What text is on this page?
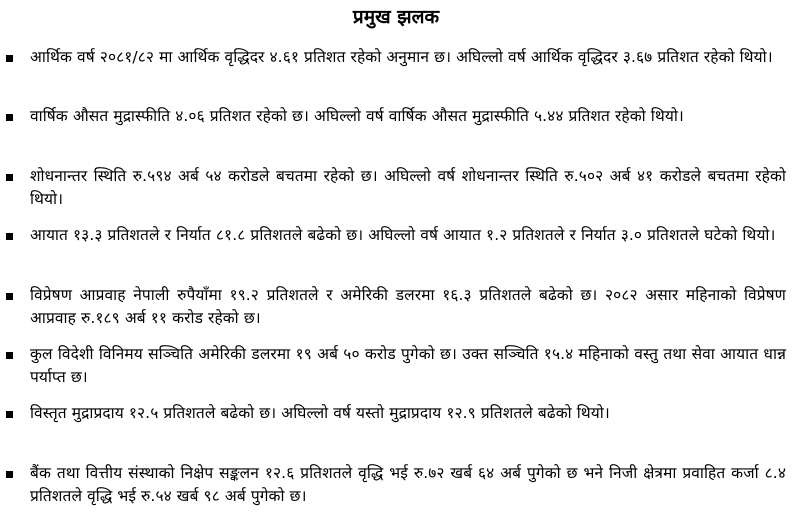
प्रमुख झलक
आर्थिक वर्ष २०८१/८२ मा आर्थिक वृद्धिदर ४.६१ प्रतिशत रहेको अनुमान छ। अघिल्लो वर्ष आर्थिक वृद्धिदर ३.६७ प्रतिशत रहेको थियो।
वार्षिक औसत मुद्रास्फीति ४.०६ प्रतिशत रहेको छ। अघिल्लो वर्ष वार्षिक औसत मुद्रास्फीति ५.४४ प्रतिशत रहेको थियो।
शोधनान्तर स्थिति रु.५९४ अर्ब ५४ करोडले बचतमा रहेको छ। अघिल्लो वर्ष शोधनान्तर स्थिति रु.५०२ अर्ब ४१ करोडले बचतमा रहेको थियो।
आयात १३.३ प्रतिशतले र निर्यात ८१.८ प्रतिशतले बढेको छ। अघिल्लो वर्ष आयात १.२ प्रतिशतले र निर्यात ३.० प्रतिशतले घटेको थियो।
विप्रेषण आप्रवाह नेपाली रुपैयाँमा १९.२ प्रतिशतले र अमेरिकी डलरमा १६.३ प्रतिशतले बढेको छ। २०८२ असार महिनाको विप्रेषण आप्रवाह रु.१८९ अर्ब ११ करोड रहेको छ।
कुल विदेशी विनिमय सञ्चिति अमेरिकी डलरमा १९ अर्ब ५० करोड पुगेको छ। उक्त सञ्चिति १५.४ महिनाको वस्तु तथा सेवा आयात धान्न पर्याप्त छ।
विस्तृत मुद्राप्रदाय १२.५ प्रतिशतले बढेको छ। अघिल्लो वर्ष यस्तो मुद्राप्रदाय १२.९ प्रतिशतले बढेको थियो।
बैंक तथा वित्तीय संस्थाको निक्षेप सङ्कलन १२.६ प्रतिशतले वृद्धि भई रु.७२ खर्ब ६४ अर्ब पुगेको छ भने निजी क्षेत्रमा प्रवाहित कर्जा ८.४ प्रतिशतले वृद्धि भई रु.५४ खर्ब ९८ अर्ब पुगेको छ।
